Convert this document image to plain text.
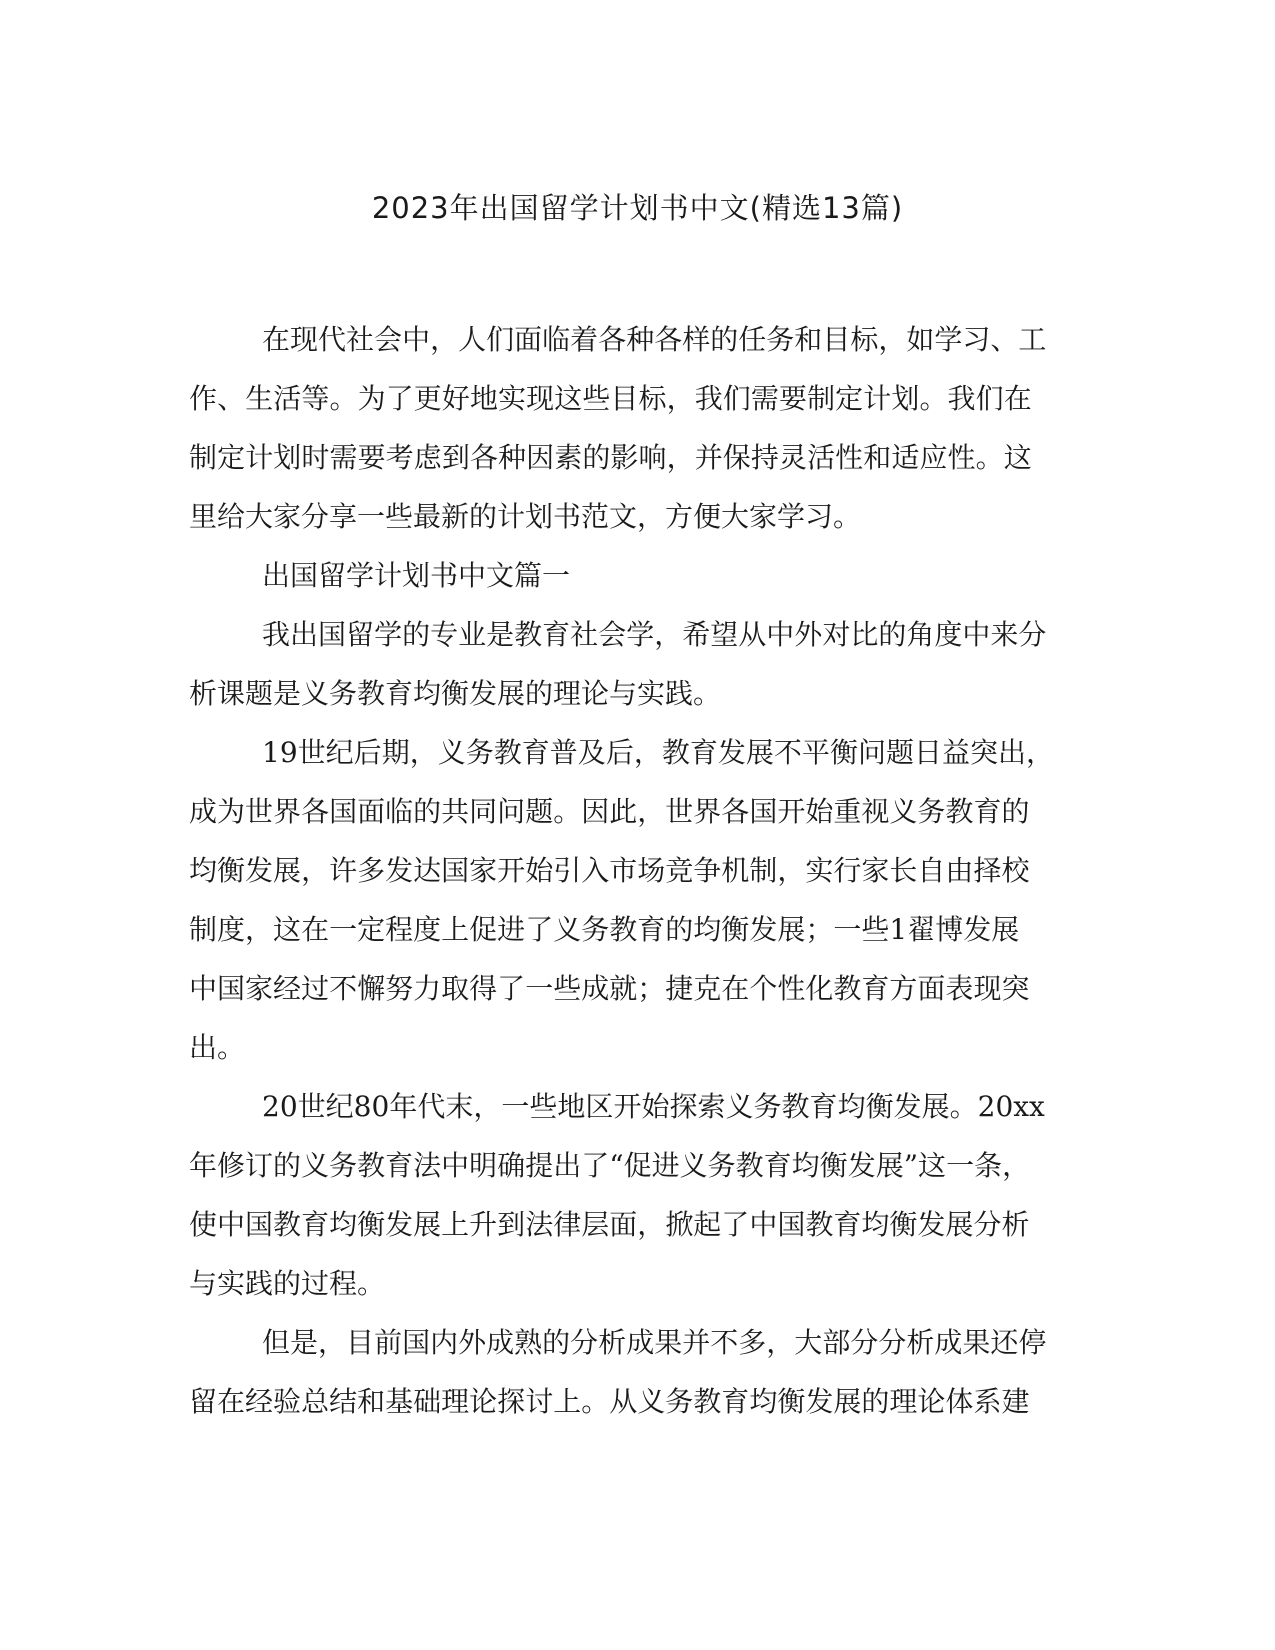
2023年出国留学计划书中文(精选13篇)
在 现 代 社 会 中 ， 人 们 面 临 着 各 种 各 样 的 任 务 和 目 标 ， 如 学 习 、 工
作 、 生 活 等 。 为 了 更 好 地 实 现 这 些 目 标 ， 我 们 需 要 制 定 计 划 。 我 们 在
制 定 计 划 时 需 要 考 虑 到 各 种 因 素 的 影 响 ， 并 保 持 灵 活 性 和 适 应 性 。 这
里给大家分享一些最新的计划书范文，方便大家学习。
出国留学计划书中文篇一
我 出 国 留 学 的 专 业 是 教 育 社 会 学 ， 希 望 从 中 外 对 比 的 角 度 中 来 分
析课题是义务教育均衡发展的理论与实践。
19 世 纪 后 期 ， 义 务 教 育 普 及 后 ， 教 育 发 展 不 平 衡 问 题 日 益 突 出 ，
成 为 世 界 各 国 面 临 的 共 同 问 题 。 因 此 ， 世 界 各 国 开 始 重 视 义 务 教 育 的
均 衡 发 展 ， 许 多 发 达 国 家 开 始 引 入 市 场 竞 争 机 制 ， 实 行 家 长 自 由 择 校
制 度 ， 这 在 一 定 程 度 上 促 进 了 义 务 教 育 的 均 衡 发 展 ； 一 些 1 翟 博 发 展
中 国 家 经 过 不 懈 努 力 取 得 了 一 些 成 就 ； 捷 克 在 个 性 化 教 育 方 面 表 现 突
出。
20 世 纪 80 年 代 末 ， 一 些 地 区 开 始 探 索 义 务 教 育 均 衡 发 展 。 20xx
年 修 订 的 义 务 教 育 法 中 明 确 提 出 了 “ 促 进 义 务 教 育 均 衡 发 展 ” 这 一 条 ，
使 中 国 教 育 均 衡 发 展 上 升 到 法 律 层 面 ， 掀 起 了 中 国 教 育 均 衡 发 展 分 析
与实践的过程。
但 是 ， 目 前 国 内 外 成 熟 的 分 析 成 果 并 不 多 ， 大 部 分 分 析 成 果 还 停
留 在 经 验 总 结 和 基 础 理 论 探 讨 上 。 从 义 务 教 育 均 衡 发 展 的 理 论 体 系 建
